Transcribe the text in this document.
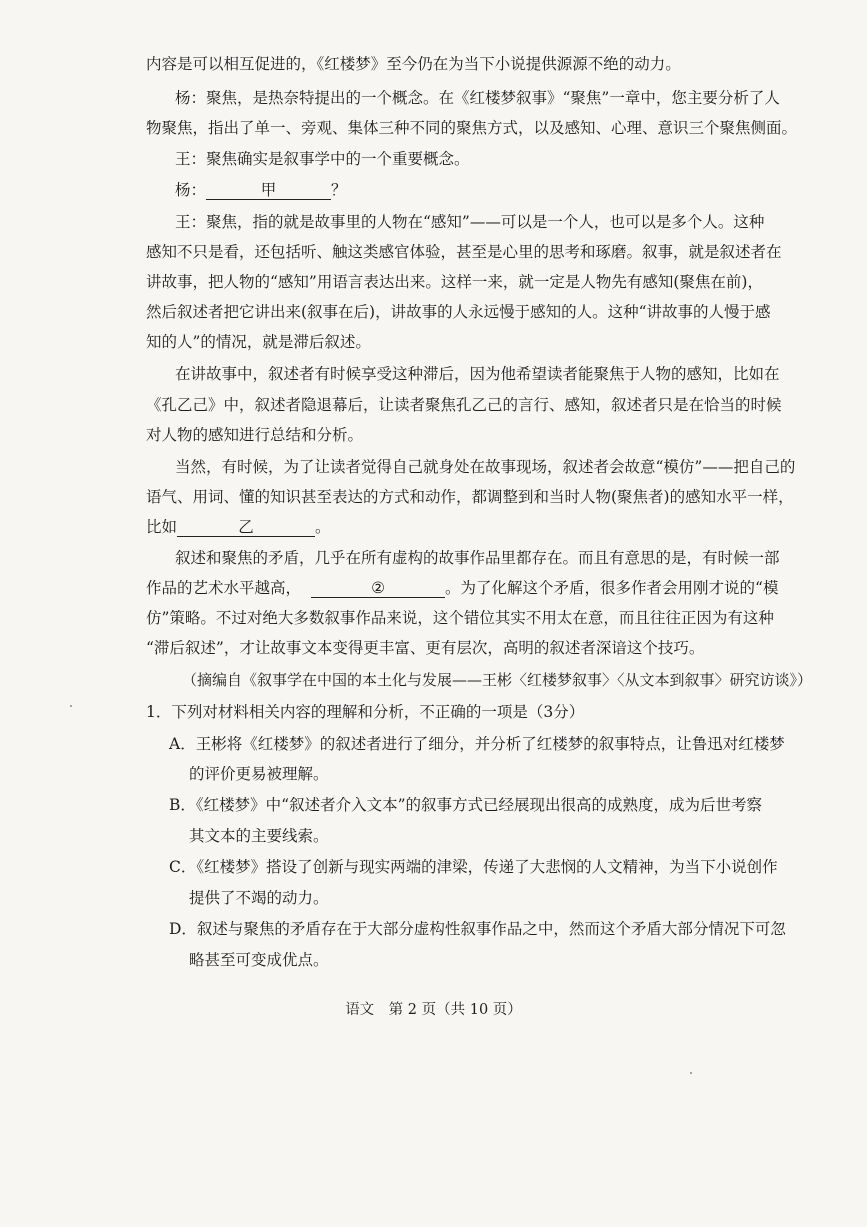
内容是可以相互促进的，《红楼梦》至今仍在为当下小说提供源源不绝的动力。
杨：聚焦，是热奈特提出的一个概念。在《红楼梦叙事》“聚焦”一章中，您主要分析了人
物聚焦，指出了单一、旁观、集体三种不同的聚焦方式，以及感知、心理、意识三个聚焦侧面。
王：聚焦确实是叙事学中的一个重要概念。
杨：	甲	？
王：聚焦，指的就是故事里的人物在“感知”——可以是一个人，也可以是多个人。这种
感知不只是看，还包括听、触这类感官体验，甚至是心里的思考和琢磨。叙事，就是叙述者在
讲故事，把人物的“感知”用语言表达出来。这样一来，就一定是人物先有感知(聚焦在前)，
然后叙述者把它讲出来(叙事在后)，讲故事的人永远慢于感知的人。这种“讲故事的人慢于感
知的人”的情况，就是滞后叙述。
在讲故事中，叙述者有时候享受这种滞后，因为他希望读者能聚焦于人物的感知，比如在
《孔乙己》中，叙述者隐退幕后，让读者聚焦孔乙己的言行、感知，叙述者只是在恰当的时候
对人物的感知进行总结和分析。
当然，有时候，为了让读者觉得自己就身处在故事现场，叙述者会故意“模仿”——把自己的
语气、用词、懂的知识甚至表达的方式和动作，都调整到和当时人物(聚焦者)的感知水平一样，
比如	乙	。
叙述和聚焦的矛盾，几乎在所有虚构的故事作品里都存在。而且有意思的是，有时候一部
作品的艺术水平越高，	②	。为了化解这个矛盾，很多作者会用刚才说的“模
仿”策略。不过对绝大多数叙事作品来说，这个错位其实不用太在意，而且往往正因为有这种
“滞后叙述”，才让故事文本变得更丰富、更有层次，高明的叙述者深谙这个技巧。
（摘编自《叙事学在中国的本土化与发展——王彬〈红楼梦叙事〉〈从文本到叙事〉研究访谈》）
1．下列对材料相关内容的理解和分析，不正确的一项是（3分）
A．王彬将《红楼梦》的叙述者进行了细分，并分析了红楼梦的叙事特点，让鲁迅对红楼梦
的评价更易被理解。
B．《红楼梦》中“叙述者介入文本”的叙事方式已经展现出很高的成熟度，成为后世考察
其文本的主要线索。
C．《红楼梦》搭设了创新与现实两端的津梁，传递了大悲悯的人文精神，为当下小说创作
提供了不竭的动力。
D．叙述与聚焦的矛盾存在于大部分虚构性叙事作品之中，然而这个矛盾大部分情况下可忽
略甚至可变成优点。
语文　第 2 页（共 10 页）
